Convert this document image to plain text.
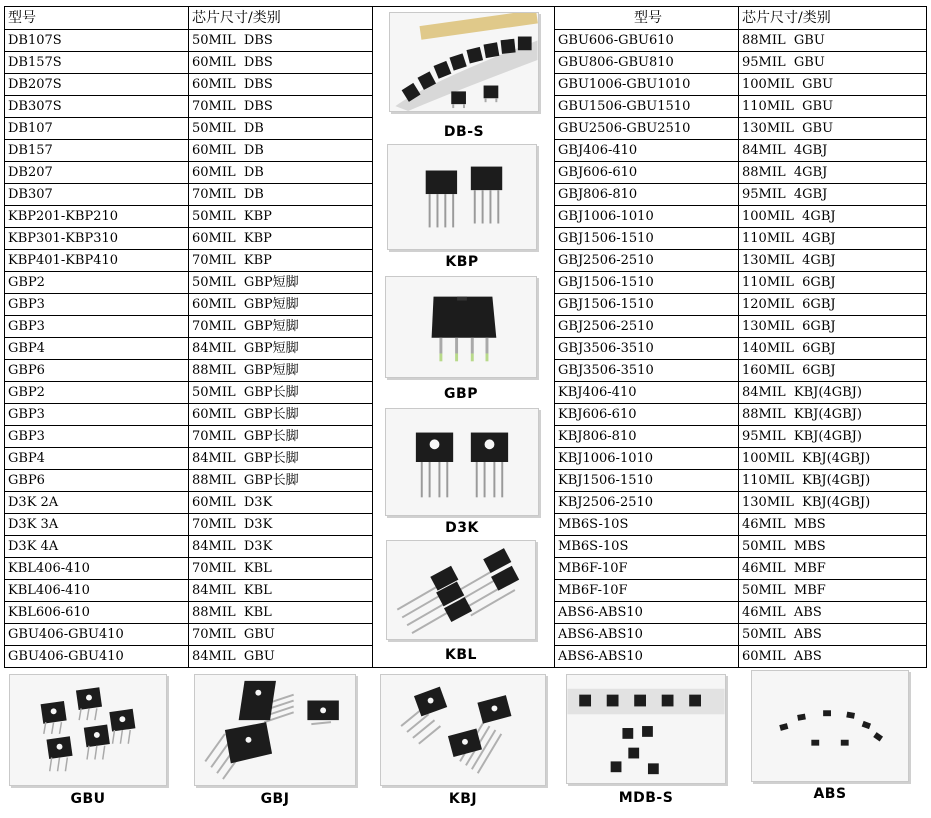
型号	芯片尺寸/类别
DB107S	50MIL  DBS
DB157S	60MIL  DBS
DB207S	60MIL  DBS
DB307S	70MIL  DBS
DB107	50MIL  DB
DB157	60MIL  DB
DB207	60MIL  DB
DB307	70MIL  DB
KBP201-KBP210	50MIL  KBP
KBP301-KBP310	60MIL  KBP
KBP401-KBP410	70MIL  KBP
GBP2	50MIL  GBP短脚
GBP3	60MIL  GBP短脚
GBP3	70MIL  GBP短脚
GBP4	84MIL  GBP短脚
GBP6	88MIL  GBP短脚
GBP2	50MIL  GBP长脚
GBP3	60MIL  GBP长脚
GBP3	70MIL  GBP长脚
GBP4	84MIL  GBP长脚
GBP6	88MIL  GBP长脚
D3K 2A	60MIL  D3K
D3K 3A	70MIL  D3K
D3K 4A	84MIL  D3K
KBL406-410	70MIL  KBL
KBL406-410	84MIL  KBL
KBL606-610	88MIL  KBL
GBU406-GBU410	70MIL  GBU
GBU406-GBU410	84MIL  GBU
型号	芯片尺寸/类别
GBU606-GBU610	88MIL  GBU
GBU806-GBU810	95MIL  GBU
GBU1006-GBU1010	100MIL  GBU
GBU1506-GBU1510	110MIL  GBU
GBU2506-GBU2510	130MIL  GBU
GBJ406-410	84MIL  4GBJ
GBJ606-610	88MIL  4GBJ
GBJ806-810	95MIL  4GBJ
GBJ1006-1010	100MIL  4GBJ
GBJ1506-1510	110MIL  4GBJ
GBJ2506-2510	130MIL  4GBJ
GBJ1506-1510	110MIL  6GBJ
GBJ1506-1510	120MIL  6GBJ
GBJ2506-2510	130MIL  6GBJ
GBJ3506-3510	140MIL  6GBJ
GBJ3506-3510	160MIL  6GBJ
KBJ406-410	84MIL  KBJ(4GBJ)
KBJ606-610	88MIL  KBJ(4GBJ)
KBJ806-810	95MIL  KBJ(4GBJ)
KBJ1006-1010	100MIL  KBJ(4GBJ)
KBJ1506-1510	110MIL  KBJ(4GBJ)
KBJ2506-2510	130MIL  KBJ(4GBJ)
MB6S-10S	46MIL  MBS
MB6S-10S	50MIL  MBS
MB6F-10F	46MIL  MBF
MB6F-10F	50MIL  MBF
ABS6-ABS10	46MIL  ABS
ABS6-ABS10	50MIL  ABS
ABS6-ABS10	60MIL  ABS
DB-S
KBP
GBP
D3K
KBL
GBU	GBJ	KBJ	MDB-S	ABS
